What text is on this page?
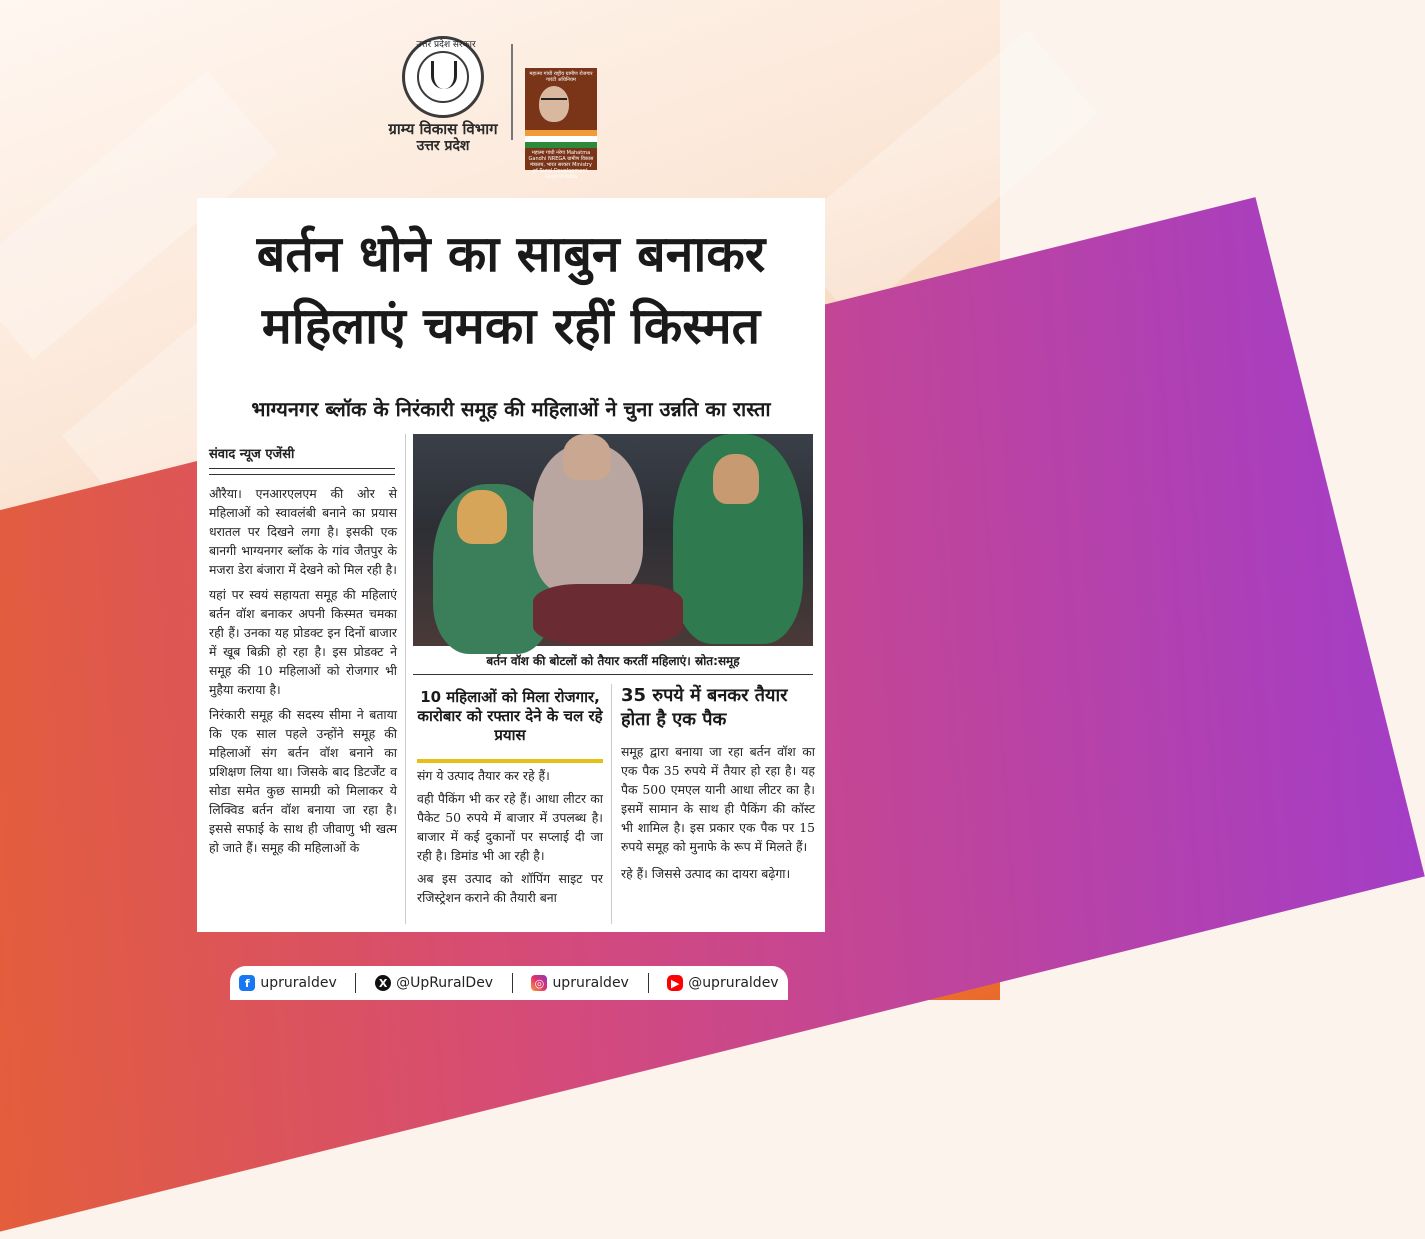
उत्तर प्रदेश सरकार
ग्राम्य विकास विभाग
उत्तर प्रदेश
महात्मा गांधी राष्ट्रीय ग्रामीण रोजगार गारंटी अधिनियम
महात्मा गांधी नरेगा Mahatma Gandhi NREGA ग्रामीण विकास मंत्रालय, भारत सरकार Ministry of Rural Development, Govt of India
बर्तन धोने का साबुन बनाकर
महिलाएं चमका रहीं किस्मत
भाग्यनगर ब्लॉक के निरंकारी समूह की महिलाओं ने चुना उन्नति का रास्ता
संवाद न्यूज एजेंसी

औरैया। एनआरएलएम की ओर से महिलाओं को स्वावलंबी बनाने का प्रयास धरातल पर दिखने लगा है। इसकी एक बानगी भाग्यनगर ब्लॉक के गांव जैतपुर के मजरा डेरा बंजारा में देखने को मिल रही है।

यहां पर स्वयं सहायता समूह की महिलाएं बर्तन वॉश बनाकर अपनी किस्मत चमका रही हैं। उनका यह प्रोडक्ट इन दिनों बाजार में खूब बिक्री हो रहा है। इस प्रोडक्ट ने समूह की 10 महिलाओं को रोजगार भी मुहैया कराया है।

निरंकारी समूह की सदस्य सीमा ने बताया कि एक साल पहले उन्होंने समूह की महिलाओं संग बर्तन वॉश बनाने का प्रशिक्षण लिया था। जिसके बाद डिटर्जेंट व सोडा समेत कुछ सामग्री को मिलाकर ये लिक्विड बर्तन वॉश बनाया जा रहा है। इससे सफाई के साथ ही जीवाणु भी खत्म हो जाते हैं। समूह की महिलाओं के

बर्तन वॉश की बोटलों को तैयार करतीं महिलाएं। स्रोत:समूह
10 महिलाओं को मिला रोजगार, कारोबार को रफ्तार देने के चल रहे प्रयास

संग ये उत्पाद तैयार कर रहे हैं।

वही पैकिंग भी कर रहे हैं। आधा लीटर का पैकेट 50 रुपये में बाजार में उपलब्ध है। बाजार में कई दुकानों पर सप्लाई दी जा रही है। डिमांड भी आ रही है।

अब इस उत्पाद को शॉपिंग साइट पर रजिस्ट्रेशन कराने की तैयारी बना

35 रुपये में बनकर तैयार होता है एक पैक

समूह द्वारा बनाया जा रहा बर्तन वॉश का एक पैक 35 रुपये में तैयार हो रहा है। यह पैक 500 एमएल यानी आधा लीटर का है। इसमें सामान के साथ ही पैकिंग की कॉस्ट भी शामिल है। इस प्रकार एक पैक पर 15 रुपये समूह को मुनाफे के रूप में मिलते हैं।

रहे हैं। जिससे उत्पाद का दायरा बढ़ेगा।

f upruraldev	X @UpRuralDev	◎ upruraldev	▶ @upruraldev
